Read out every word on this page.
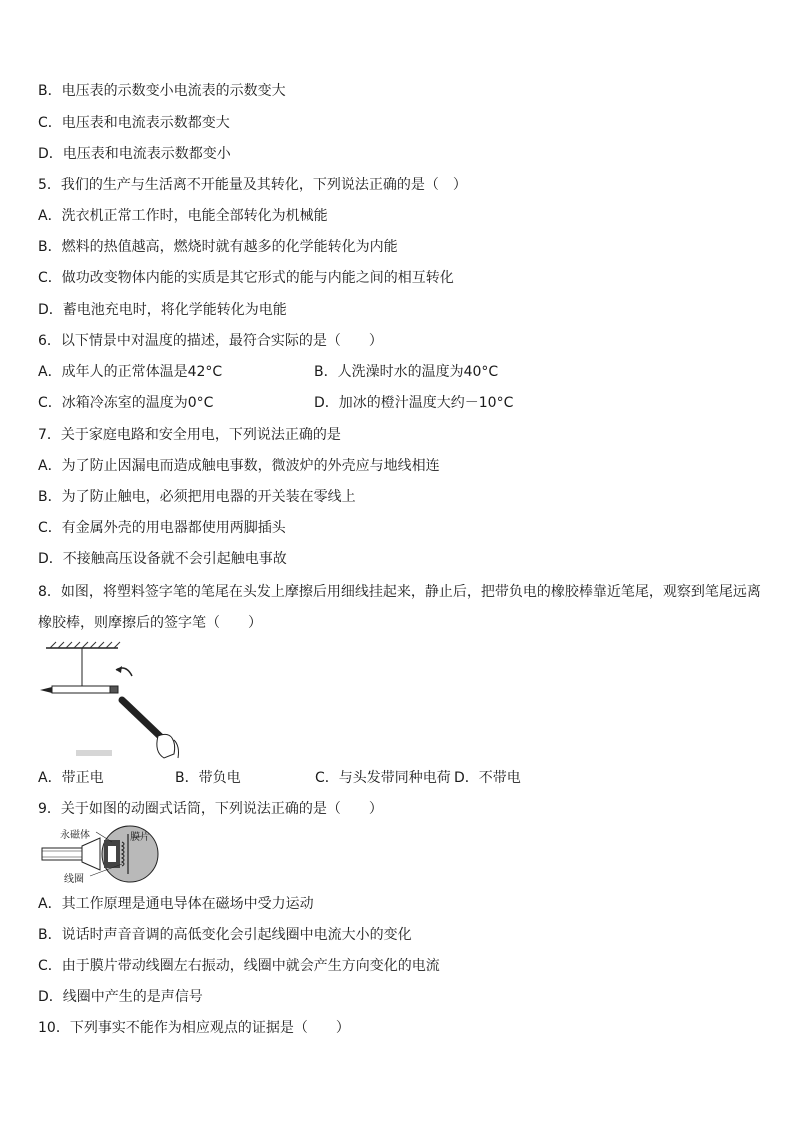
B．电压表的示数变小电流表的示数变大
C．电压表和电流表示数都变大
D．电压表和电流表示数都变小
5．我们的生产与生活离不开能量及其转化，下列说法正确的是（　）
A．洗衣机正常工作时，电能全部转化为机械能
B．燃料的热值越高，燃烧时就有越多的化学能转化为内能
C．做功改变物体内能的实质是其它形式的能与内能之间的相互转化
D．蓄电池充电时，将化学能转化为电能
6．以下情景中对温度的描述，最符合实际的是（　　）
A．成年人的正常体温是42°C	B．人洗澡时水的温度为40°C
C．冰箱冷冻室的温度为0°C	D．加冰的橙汁温度大约－10°C
7．关于家庭电路和安全用电，下列说法正确的是
A．为了防止因漏电而造成触电事数，微波炉的外壳应与地线相连
B．为了防止触电，必须把用电器的开关装在零线上
C．有金属外壳的用电器都使用两脚插头
D．不接触高压设备就不会引起触电事故
8．如图，将塑料签字笔的笔尾在头发上摩擦后用细线挂起来，静止后，把带负电的橡胶棒靠近笔尾，观察到笔尾远离
橡胶棒，则摩擦后的签字笔（　　）
A．带正电	B．带负电	C．与头发带同种电荷 D．不带电
9．关于如图的动圈式话筒，下列说法正确的是（　　）
永磁体	膜片
线圈
A．其工作原理是通电导体在磁场中受力运动
B．说话时声音音调的高低变化会引起线圈中电流大小的变化
C．由于膜片带动线圈左右振动，线圈中就会产生方向变化的电流
D．线圈中产生的是声信号
10．下列事实不能作为相应观点的证据是（　　）
